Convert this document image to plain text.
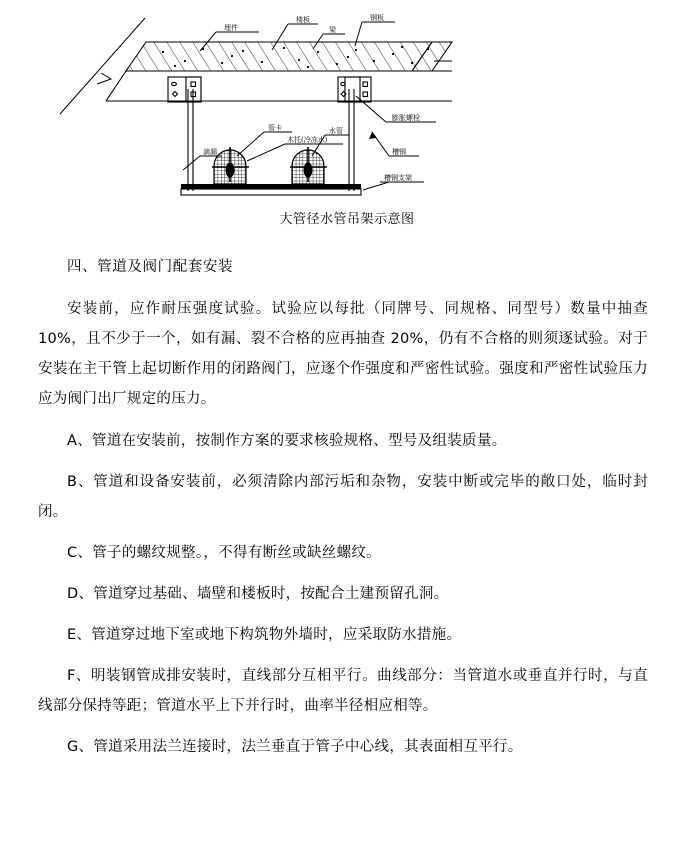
埋件
楼板
梁
钢板
膨胀螺栓
管卡
木托(冷冻水)
水管
滴漏	槽钢
槽钢支架
大管径水管吊架示意图
四、管道及阀门配套安装
安装前，应作耐压强度试验。试验应以每批（同牌号、同规格、同型号）数量中抽查 10%，且不少于一个，如有漏、裂不合格的应再抽查 20%，仍有不合格的则须逐试验。对于安装在主干管上起切断作用的闭路阀门，应逐个作强度和严密性试验。强度和严密性试验压力应为阀门出厂规定的压力。
A、管道在安装前，按制作方案的要求核验规格、型号及组装质量。
B、管道和设备安装前，必须清除内部污垢和杂物，安装中断或完毕的敞口处，临时封闭。
C、管子的螺纹规整。，不得有断丝或缺丝螺纹。
D、管道穿过基础、墙壁和楼板时，按配合土建预留孔洞。
E、管道穿过地下室或地下构筑物外墙时，应采取防水措施。
F、明装钢管成排安装时，直线部分互相平行。曲线部分：当管道水或垂直并行时，与直线部分保持等距；管道水平上下并行时，曲率半径相应相等。
G、管道采用法兰连接时，法兰垂直于管子中心线，其表面相互平行。
